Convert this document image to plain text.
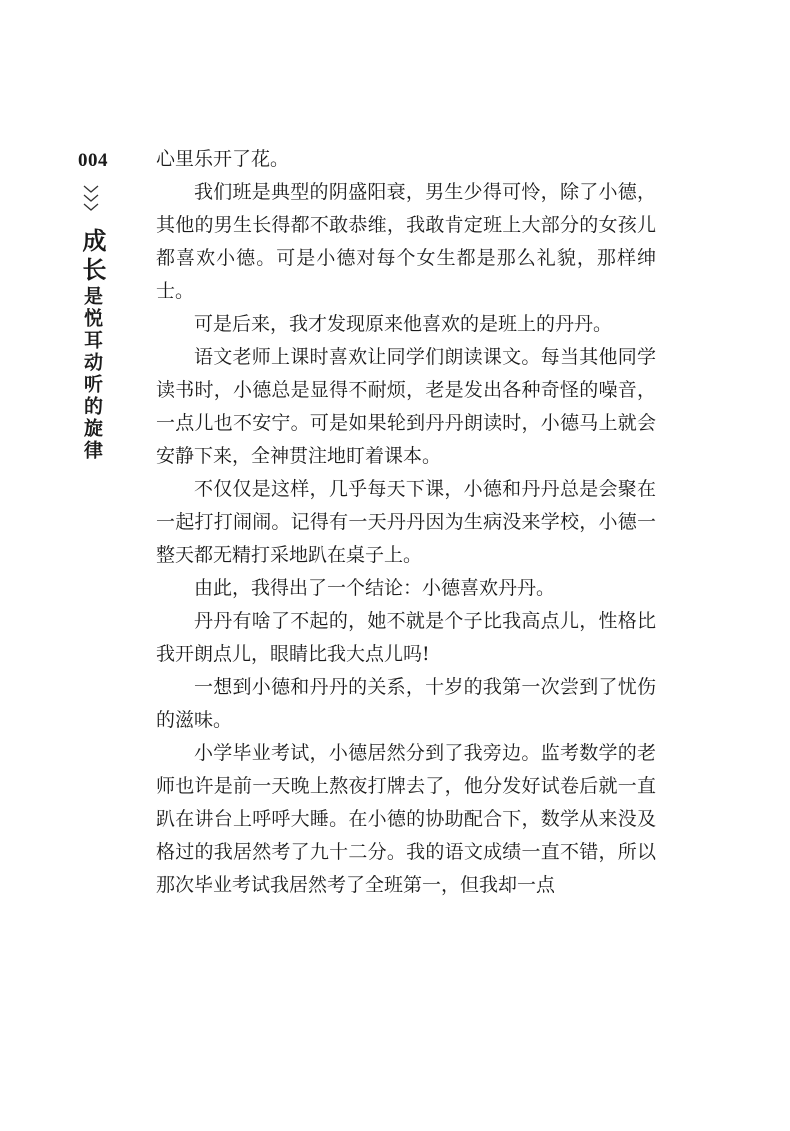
004
成长是悦耳动听的旋律

心里乐开了花。

我们班是典型的阴盛阳衰，男生少得可怜，除了小德，其他的男生长得都不敢恭维，我敢肯定班上大部分的女孩儿都喜欢小德。可是小德对每个女生都是那么礼貌，那样绅士。

可是后来，我才发现原来他喜欢的是班上的丹丹。

语文老师上课时喜欢让同学们朗读课文。每当其他同学读书时，小德总是显得不耐烦，老是发出各种奇怪的噪音，一点儿也不安宁。可是如果轮到丹丹朗读时，小德马上就会安静下来，全神贯注地盯着课本。

不仅仅是这样，几乎每天下课，小德和丹丹总是会聚在一起打打闹闹。记得有一天丹丹因为生病没来学校，小德一整天都无精打采地趴在桌子上。

由此，我得出了一个结论：小德喜欢丹丹。

丹丹有啥了不起的，她不就是个子比我高点儿，性格比我开朗点儿，眼睛比我大点儿吗!

一想到小德和丹丹的关系，十岁的我第一次尝到了忧伤的滋味。

小学毕业考试，小德居然分到了我旁边。监考数学的老师也许是前一天晚上熬夜打牌去了，他分发好试卷后就一直趴在讲台上呼呼大睡。在小德的协助配合下，数学从来没及格过的我居然考了九十二分。我的语文成绩一直不错，所以那次毕业考试我居然考了全班第一，但我却一点
